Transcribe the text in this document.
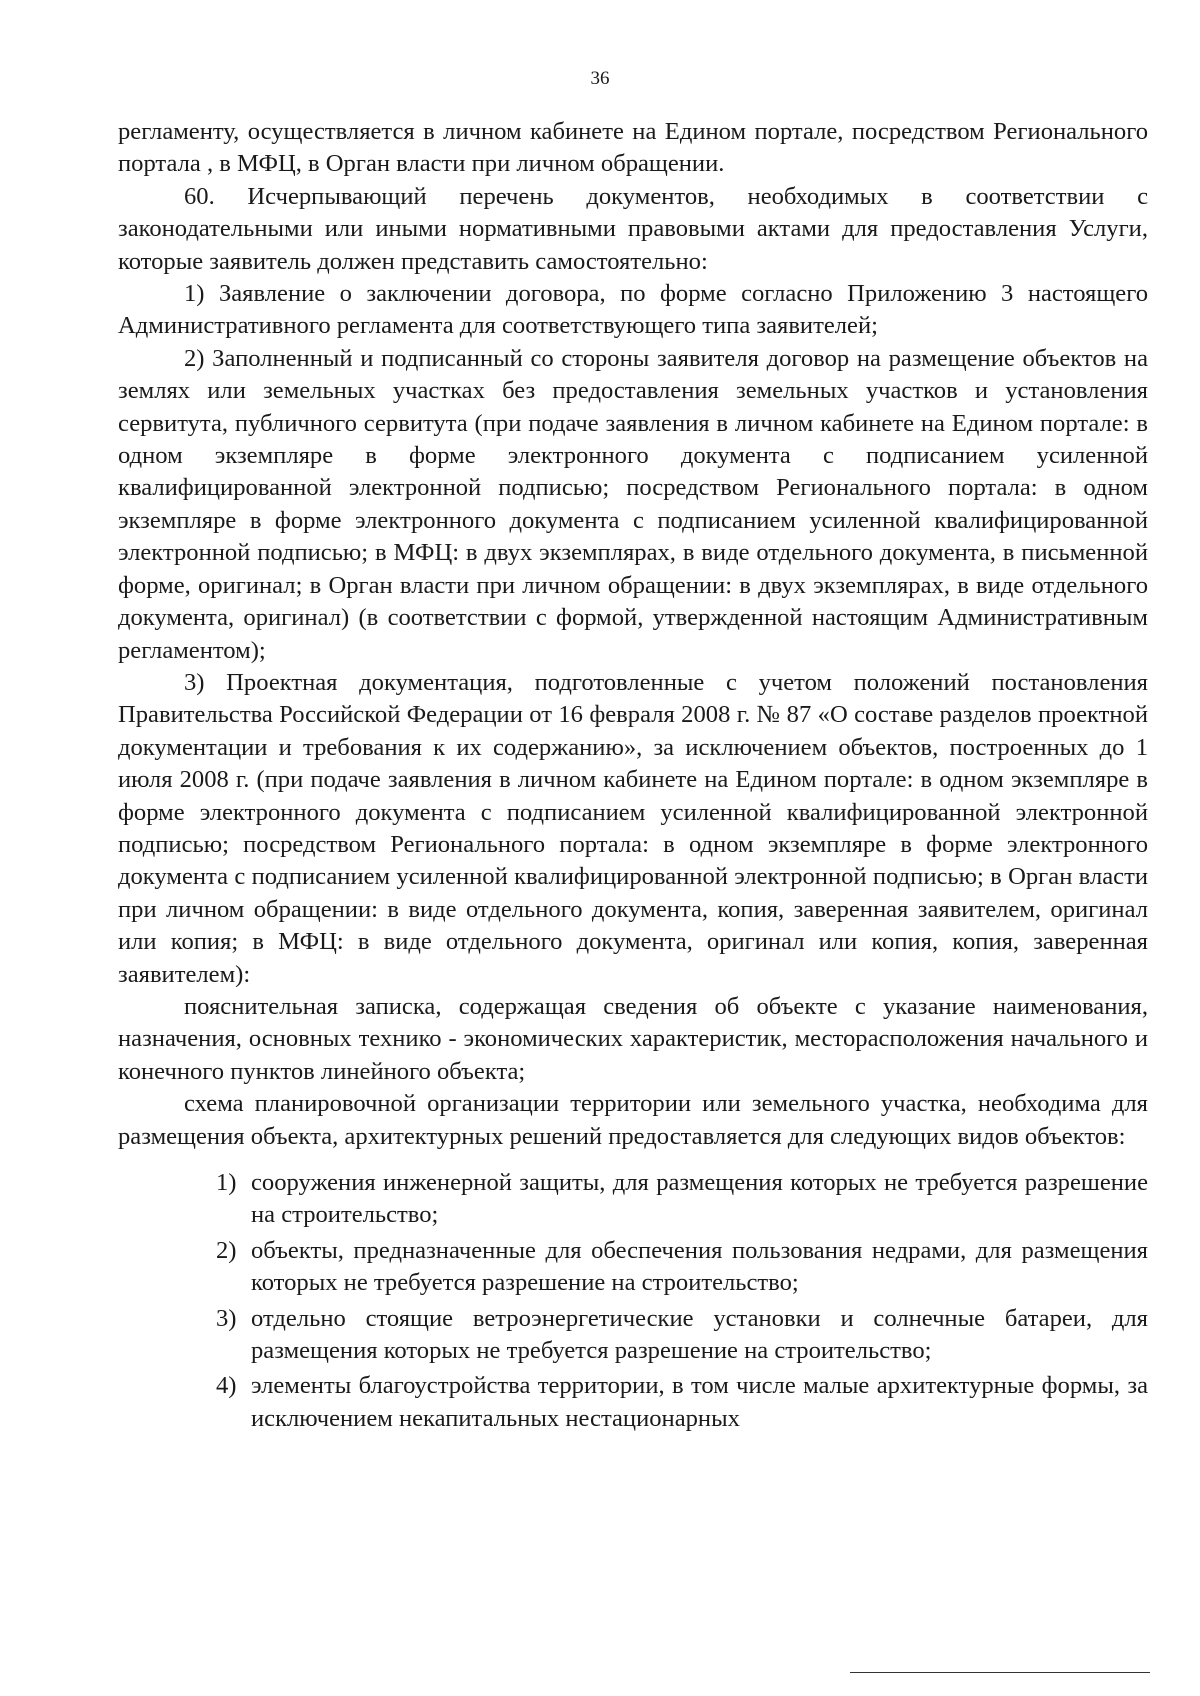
36

регламенту, осуществляется в личном кабинете на Едином портале, посредством Регионального портала , в МФЦ, в Орган власти при личном обращении.

60. Исчерпывающий перечень документов, необходимых в соответствии с законодательными или иными нормативными правовыми актами для предоставления Услуги, которые заявитель должен представить самостоятельно:

1) Заявление о заключении договора, по форме согласно Приложению 3 настоящего Административного регламента для соответствующего типа заявителей;

2) Заполненный и подписанный со стороны заявителя договор на размещение объектов на землях или земельных участках без предоставления земельных участков и установления сервитута, публичного сервитута (при подаче заявления в личном кабинете на Едином портале: в одном экземпляре в форме электронного документа с подписанием усиленной квалифицированной электронной подписью; посредством Регионального портала: в одном экземпляре в форме электронного документа с подписанием усиленной квалифицированной электронной подписью; в МФЦ: в двух экземплярах, в виде отдельного документа, в письменной форме, оригинал; в Орган власти при личном обращении: в двух экземплярах, в виде отдельного документа, оригинал) (в соответствии с формой, утвержденной настоящим Административным регламентом);

3) Проектная документация, подготовленные с учетом положений постановления Правительства Российской Федерации от 16 февраля 2008 г. № 87 «О составе разделов проектной документации и требования к их содержанию», за исключением объектов, построенных до 1 июля 2008 г. (при подаче заявления в личном кабинете на Едином портале: в одном экземпляре в форме электронного документа с подписанием усиленной квалифицированной электронной подписью; посредством Регионального портала: в одном экземпляре в форме электронного документа с подписанием усиленной квалифицированной электронной подписью; в Орган власти при личном обращении: в виде отдельного документа, копия, заверенная заявителем, оригинал или копия; в МФЦ: в виде отдельного документа, оригинал или копия, копия, заверенная заявителем):

пояснительная записка, содержащая сведения об объекте с указание наименования, назначения, основных технико - экономических характеристик, месторасположения начального и конечного пунктов линейного объекта;

схема планировочной организации территории или земельного участка, необходима для размещения объекта, архитектурных решений предоставляется для следующих видов объектов:

1) сооружения инженерной защиты, для размещения которых не требуется разрешение на строительство;
2) объекты, предназначенные для обеспечения пользования недрами, для размещения которых не требуется разрешение на строительство;
3) отдельно стоящие ветроэнергетические установки и солнечные батареи, для размещения которых не требуется разрешение на строительство;
4) элементы благоустройства территории, в том числе малые архитектурные формы, за исключением некапитальных нестационарных
